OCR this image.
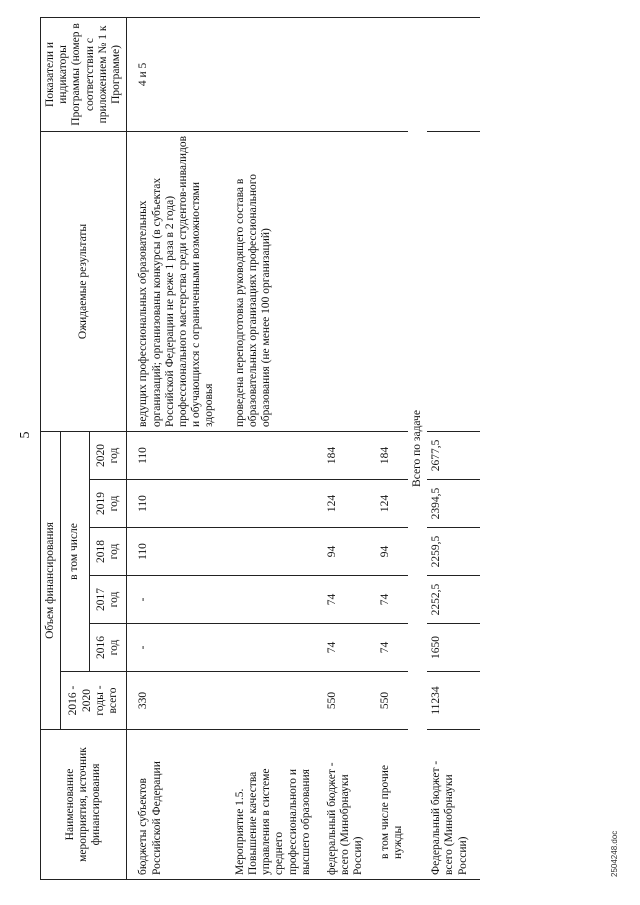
5
Наименование мероприятия, источник финансирования	Объем финансирования						Ожидаемые результаты	Показатели и индикаторы Программы (номер в соответствии с приложением № 1 к Программе)
	2016 - 2020 годы - всего	в том числе						
		2016 год	2017 год	2018 год	2019 год	2020 год		
бюджеты субъектов Российской Федерации	330	-	-	110	110	110	ведущих профессиональных образовательных организаций; организованы конкурсы (в субъектах Российской Федерации не реже 1 раза в 2 года) профессионального мастерства среди студентов-инвалидов и обучающихся с ограниченными возможностями здоровья	4 и 5
Мероприятие 1.5. Повышение качества управления в системе среднего профессионального и высшего образования							проведена переподготовка руководящего состава в образовательных организациях профессионального образования (не менее 100 организаций)	
федеральный бюджет - всего (Минобрнауки России)	550	74	74	94	124	184		
в том числе прочие нужды	550	74	74	94	124	184		
Всего по задаче								
Федеральный бюджет - всего (Минобрнауки России)	11234	1650	2252,5	2259,5	2394,5	2677,5		
2504248.doc
